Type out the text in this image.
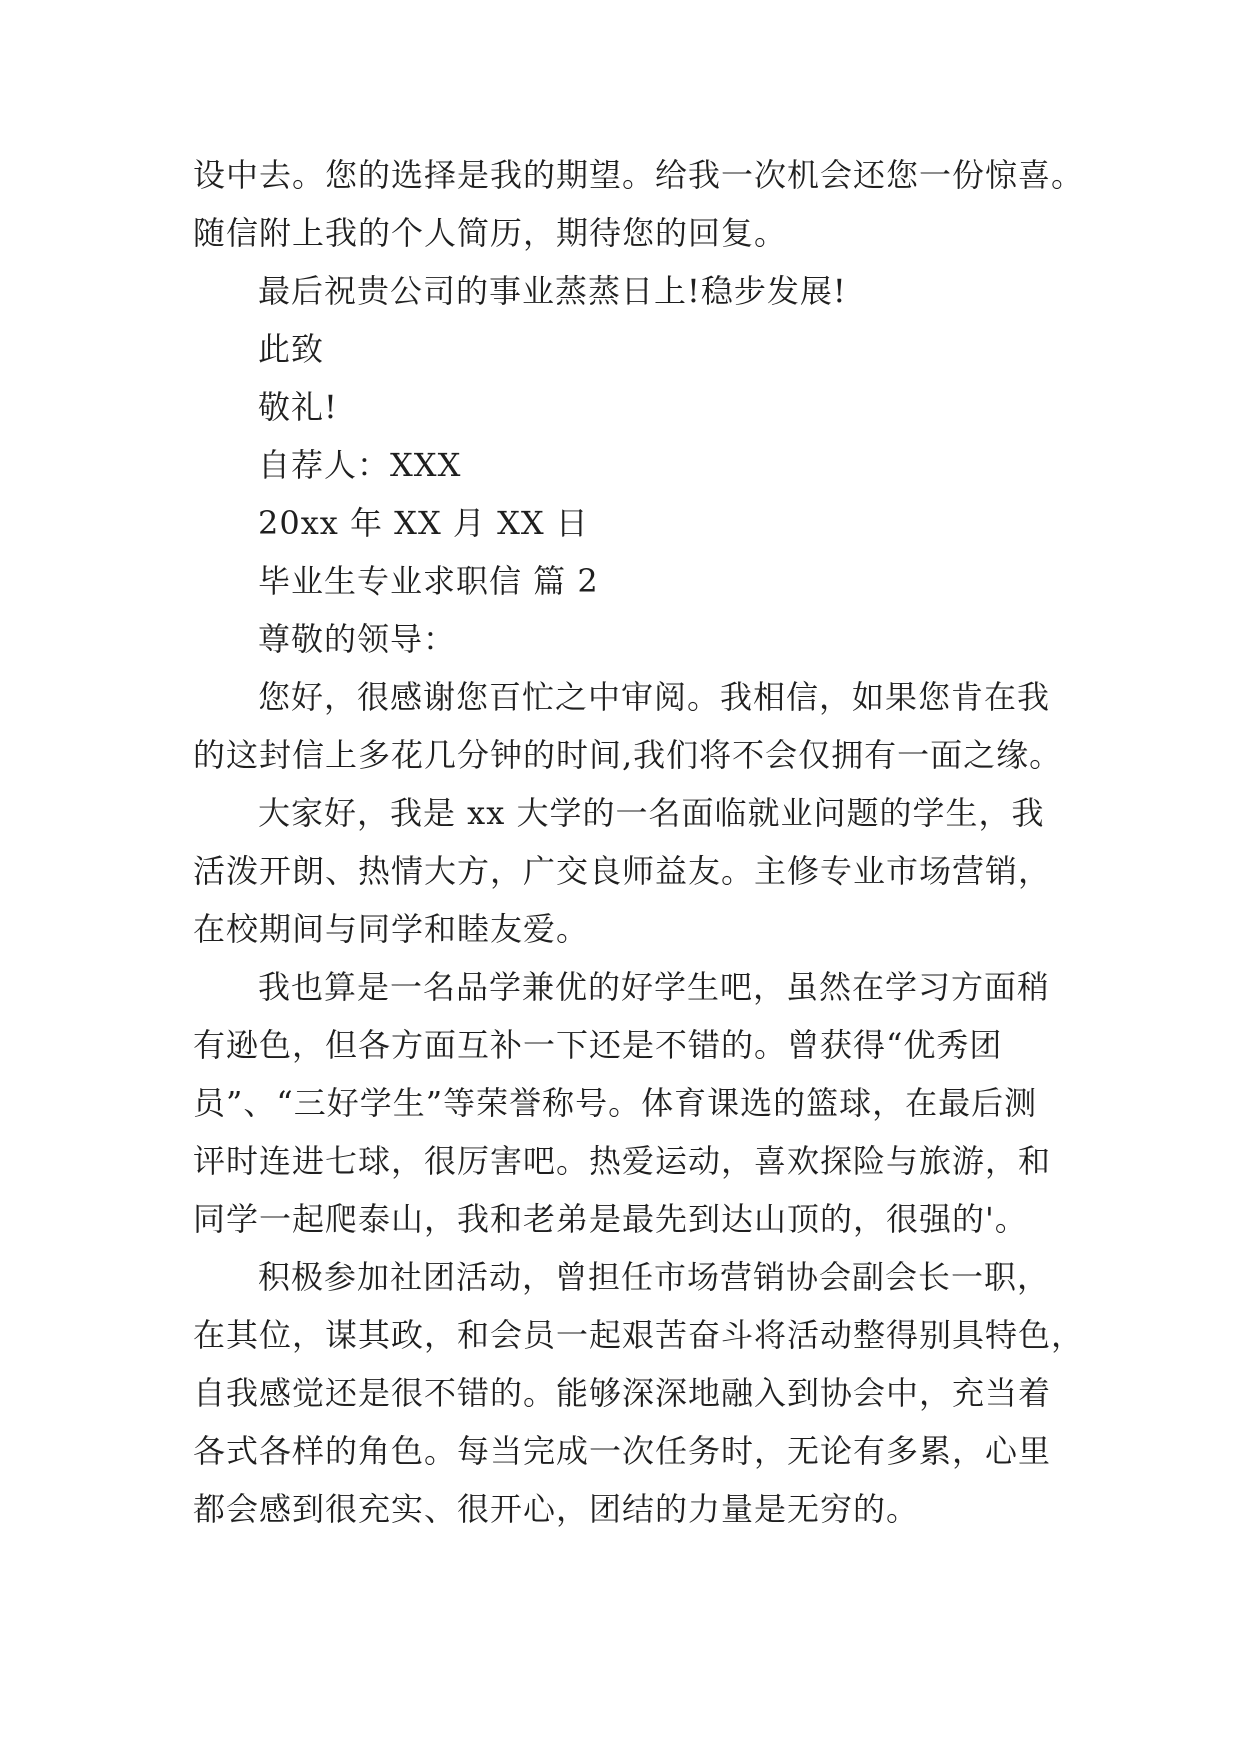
设中去。您的选择是我的期望。给我一次机会还您一份惊喜。
随信附上我的个人简历，期待您的回复。
最后祝贵公司的事业蒸蒸日上!稳步发展!
此致
敬礼!
自荐人：XXX
20xx 年 XX 月 XX 日
毕业生专业求职信 篇 2
尊敬的领导：
您好，很感谢您百忙之中审阅。我相信，如果您肯在我
的这封信上多花几分钟的时间,我们将不会仅拥有一面之缘。
大家好，我是 xx 大学的一名面临就业问题的学生，我
活泼开朗、热情大方，广交良师益友。主修专业市场营销，
在校期间与同学和睦友爱。
我也算是一名品学兼优的好学生吧，虽然在学习方面稍
有逊色，但各方面互补一下还是不错的。曾获得“优秀团
员”、“三好学生”等荣誉称号。体育课选的篮球，在最后测
评时连进七球，很厉害吧。热爱运动，喜欢探险与旅游，和
同学一起爬泰山，我和老弟是最先到达山顶的，很强的'。
积极参加社团活动，曾担任市场营销协会副会长一职，
在其位，谋其政，和会员一起艰苦奋斗将活动整得别具特色，
自我感觉还是很不错的。能够深深地融入到协会中，充当着
各式各样的角色。每当完成一次任务时，无论有多累，心里
都会感到很充实、很开心，团结的力量是无穷的。
